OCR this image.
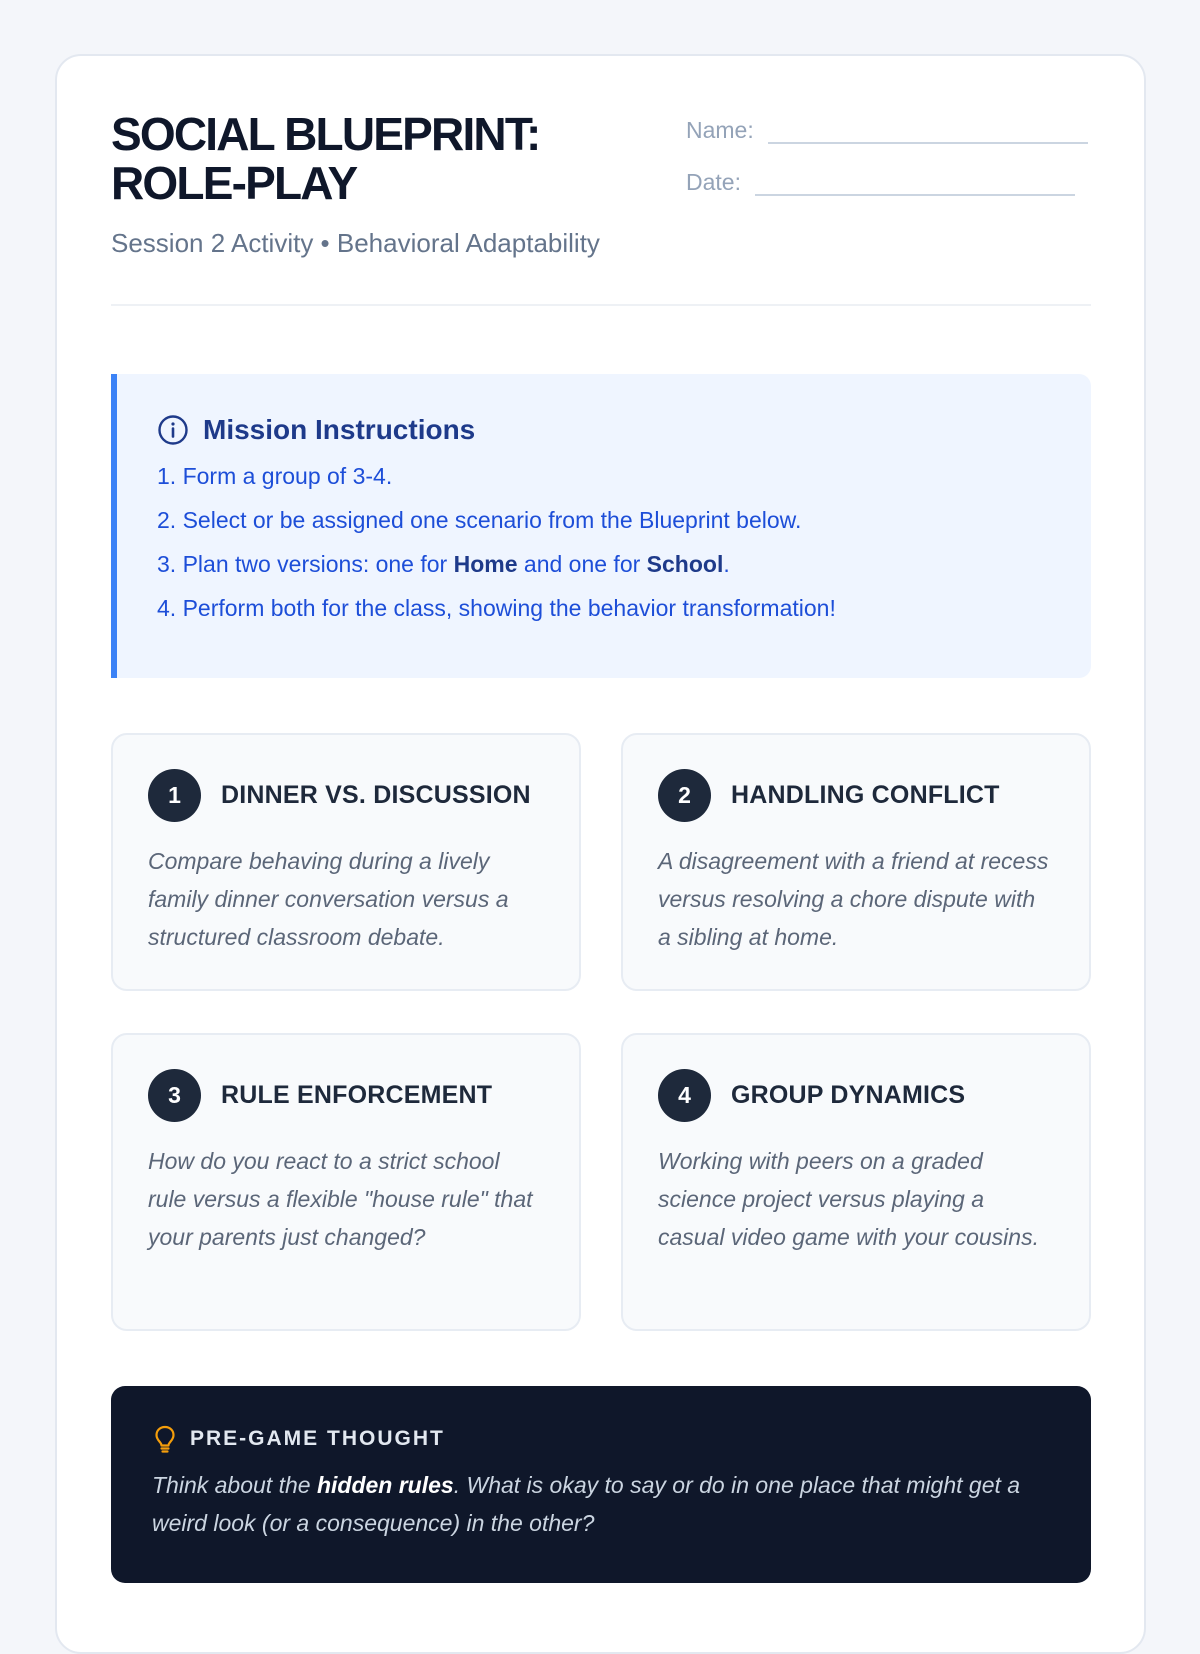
SOCIAL BLUEPRINT:
ROLE-PLAY
Session 2 Activity • Behavioral Adaptability
Name:
Date:
Mission Instructions
1. Form a group of 3-4.
2. Select or be assigned one scenario from the Blueprint below.
3. Plan two versions: one for Home and one for School.
4. Perform both for the class, showing the behavior transformation!
1	DINNER VS. DISCUSSION
Compare behaving during a lively family dinner conversation versus a structured classroom debate.
2	HANDLING CONFLICT
A disagreement with a friend at recess versus resolving a chore dispute with a sibling at home.
3	RULE ENFORCEMENT
How do you react to a strict school rule versus a flexible "house rule" that your parents just changed?
4	GROUP DYNAMICS
Working with peers on a graded science project versus playing a casual video game with your cousins.
PRE-GAME THOUGHT
Think about the hidden rules. What is okay to say or do in one place that might get a weird look (or a consequence) in the other?
